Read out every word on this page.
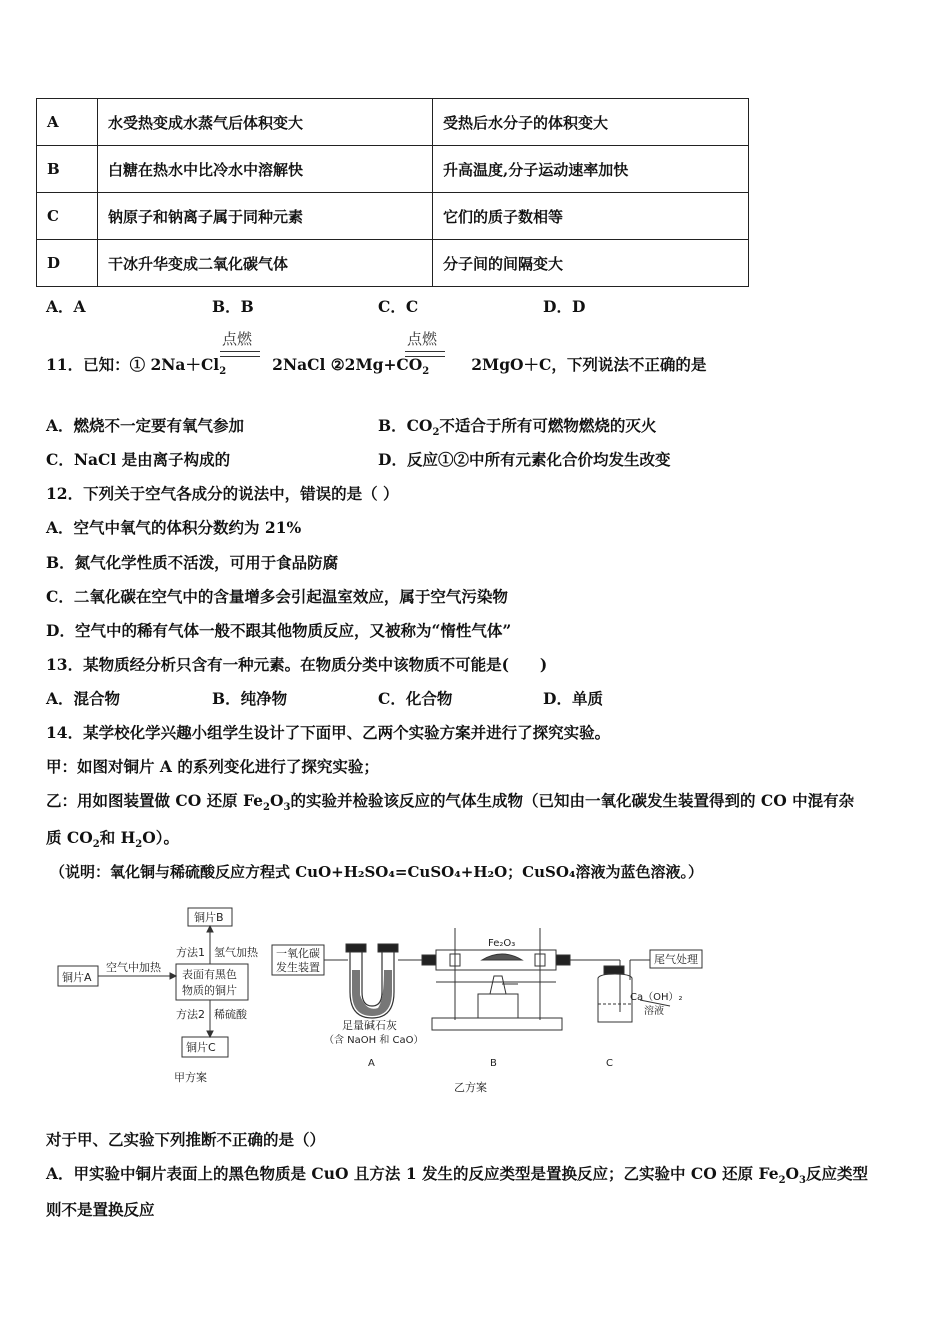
A	水受热变成水蒸气后体积变大	受热后水分子的体积变大
B	白糖在热水中比冷水中溶解快	升高温度,分子运动速率加快
C	钠原子和钠离子属于同种元素	它们的质子数相等
D	干冰升华变成二氧化碳气体	分子间的间隔变大
A．A	B．B	C．C	D．D
点燃	点燃
11．已知：① $2Na+Cl_2$	2NaCl $②2Mg+CO_2$	2MgO＋C，下列说法不正确的是
A．燃烧不一定要有氧气参加	B．$CO_2$不适合于所有可燃物燃烧的灭火
C．NaCl 是由离子构成的	D．反应①②中所有元素化合价均发生改变
12．下列关于空气各成分的说法中，错误的是（ ）
A．空气中氧气的体积分数约为 21%
B．氮气化学性质不活泼，可用于食品防腐
C．二氧化碳在空气中的含量增多会引起温室效应，属于空气污染物
D．空气中的稀有气体一般不跟其他物质反应，又被称为“惰性气体”
13．某物质经分析只含有一种元素。在物质分类中该物质不可能是(　　)
A．混合物	B．纯净物	C．化合物	D．单质
14．某学校化学兴趣小组学生设计了下面甲、乙两个实验方案并进行了探究实验。
甲：如图对铜片 A 的系列变化进行了探究实验；
乙：用如图装置做 CO 还原 $Fe_2O_3$的实验并检验该反应的气体生成物（已知由一氧化碳发生装置得到的 CO 中混有杂
质 $CO_2$和 $H_2O$）。
（说明：氧化铜与稀硫酸反应方程式 CuO+H₂SO₄=CuSO₄+H₂O；CuSO₄溶液为蓝色溶液。）
铜片B
方法1 氢气加热
铜片A
空气中加热
表面有黑色
物质的铜片
方法2 稀硫酸
铜片C
甲方案
一氧化碳
发生装置
足量碱石灰
（含 NaOH 和 CaO）
Fe₂O₃
尾气处理
Ca（OH）₂
溶液
A	B	C
乙方案
对于甲、乙实验下列推断不正确的是（）
A．甲实验中铜片表面上的黑色物质是 CuO 且方法 1 发生的反应类型是置换反应；乙实验中 CO 还原 $Fe_2O_3$反应类型
则不是置换反应
